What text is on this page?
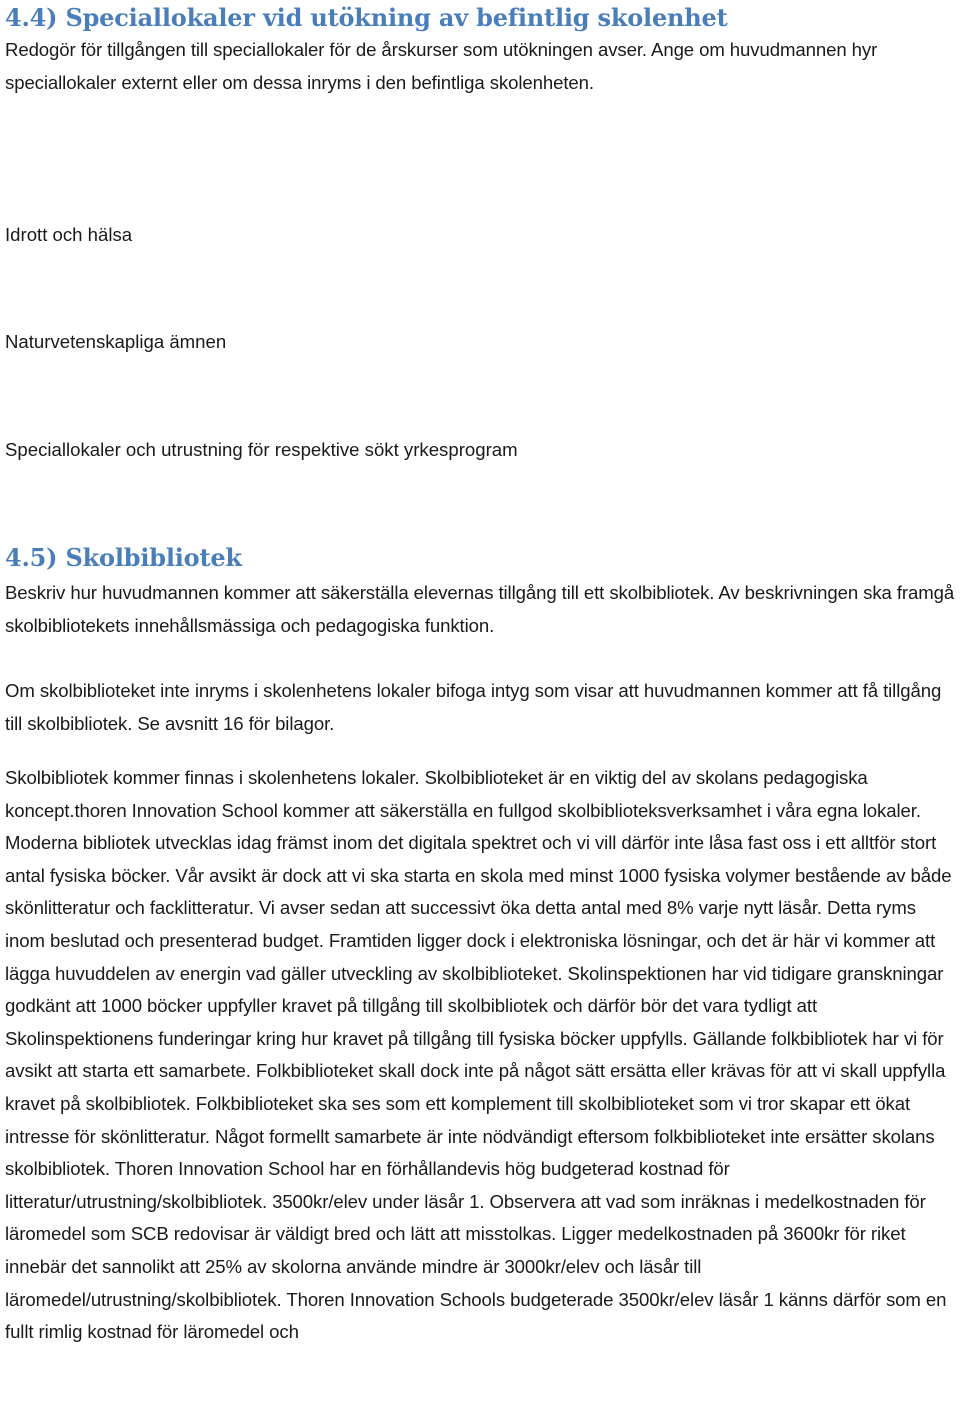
4.4) Speciallokaler vid utökning av befintlig skolenhet

Redogör för tillgången till speciallokaler för de årskurser som utökningen avser. Ange om huvudmannen hyr speciallokaler externt eller om dessa inryms i den befintliga skolenheten.

Idrott och hälsa
Naturvetenskapliga ämnen
Speciallokaler och utrustning för respektive sökt yrkesprogram
4.5) Skolbibliotek

Beskriv hur huvudmannen kommer att säkerställa elevernas tillgång till ett skolbibliotek. Av beskrivningen ska framgå skolbibliotekets innehållsmässiga och pedagogiska funktion.

Om skolbiblioteket inte inryms i skolenhetens lokaler bifoga intyg som visar att huvudmannen kommer att få tillgång till skolbibliotek. Se avsnitt 16 för bilagor.

Skolbibliotek kommer finnas i skolenhetens lokaler. Skolbiblioteket är en viktig del av skolans pedagogiska koncept.thoren Innovation School kommer att säkerställa en fullgod skolbiblioteksverksamhet i våra egna lokaler. Moderna bibliotek utvecklas idag främst inom det digitala spektret och vi vill därför inte låsa fast oss i ett alltför stort antal fysiska böcker. Vår avsikt är dock att vi ska starta en skola med minst 1000 fysiska volymer bestående av både skönlitteratur och facklitteratur. Vi avser sedan att successivt öka detta antal med 8% varje nytt läsår. Detta ryms inom beslutad och presenterad budget. Framtiden ligger dock i elektroniska lösningar, och det är här vi kommer att lägga huvuddelen av energin vad gäller utveckling av skolbiblioteket. Skolinspektionen har vid tidigare granskningar godkänt att 1000 böcker uppfyller kravet på tillgång till skolbibliotek och därför bör det vara tydligt att Skolinspektionens funderingar kring hur kravet på tillgång till fysiska böcker uppfylls. Gällande folkbibliotek har vi för avsikt att starta ett samarbete. Folkbiblioteket skall dock inte på något sätt ersätta eller krävas för att vi skall uppfylla kravet på skolbibliotek. Folkbiblioteket ska ses som ett komplement till skolbiblioteket som vi tror skapar ett ökat intresse för skönlitteratur. Något formellt samarbete är inte nödvändigt eftersom folkbiblioteket inte ersätter skolans skolbibliotek. Thoren Innovation School har en förhållandevis hög budgeterad kostnad för litteratur/utrustning/skolbibliotek. 3500kr/elev under läsår 1. Observera att vad som inräknas i medelkostnaden för läromedel som SCB redovisar är väldigt bred och lätt att misstolkas. Ligger medelkostnaden på 3600kr för riket innebär det sannolikt att 25% av skolorna använde mindre är 3000kr/elev och läsår till läromedel/utrustning/skolbibliotek. Thoren Innovation Schools budgeterade 3500kr/elev läsår 1 känns därför som en fullt rimlig kostnad för läromedel och
